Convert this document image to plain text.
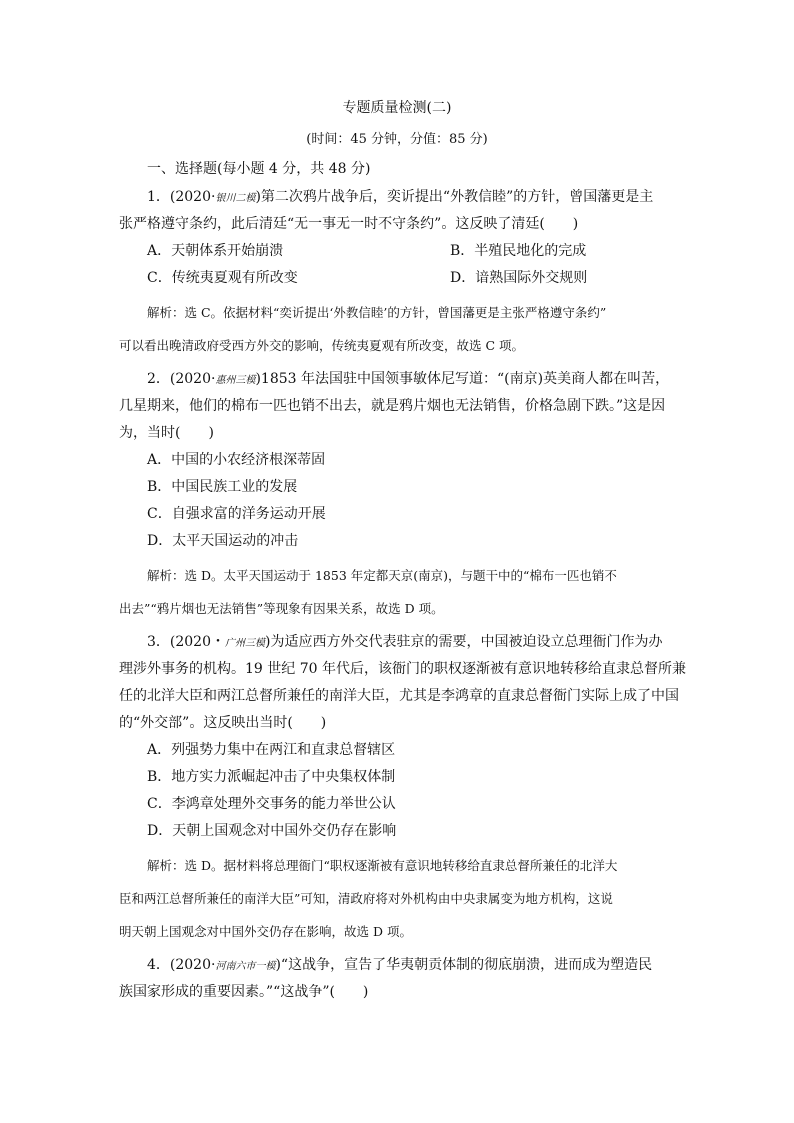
专题质量检测(二)
(时间：45 分钟，分值：85 分)
一、选择题(每小题 4 分，共 48 分)
1．(2020·银川二模)第二次鸦片战争后，奕䜣提出“外教信睦”的方针，曾国藩更是主
张严格遵守条约，此后清廷“无一事无一时不守条约”。这反映了清廷(　　)
A．天朝体系开始崩溃	B．半殖民地化的完成
C．传统夷夏观有所改变	D．谙熟国际外交规则
解析：选 C。依据材料“奕䜣提出‘外教信睦’的方针，曾国藩更是主张严格遵守条约”
可以看出晚清政府受西方外交的影响，传统夷夏观有所改变，故选 C 项。
2．(2020·惠州三模)1853 年法国驻中国领事敏体尼写道：“(南京)英美商人都在叫苦，
几星期来，他们的棉布一匹也销不出去，就是鸦片烟也无法销售，价格急剧下跌。”这是因
为，当时(　　)
A．中国的小农经济根深蒂固
B．中国民族工业的发展
C．自强求富的洋务运动开展
D．太平天国运动的冲击
解析：选 D。太平天国运动于 1853 年定都天京(南京)，与题干中的“棉布一匹也销不
出去”“鸦片烟也无法销售”等现象有因果关系，故选 D 项。
3．(2020・广州三模)为适应西方外交代表驻京的需要，中国被迫设立总理衙门作为办
理涉外事务的机构。19 世纪 70 年代后，该衙门的职权逐渐被有意识地转移给直隶总督所兼
任的北洋大臣和两江总督所兼任的南洋大臣，尤其是李鸿章的直隶总督衙门实际上成了中国
的“外交部”。这反映出当时(　　)
A．列强势力集中在两江和直隶总督辖区
B．地方实力派崛起冲击了中央集权体制
C．李鸿章处理外交事务的能力举世公认
D．天朝上国观念对中国外交仍存在影响
解析：选 D。据材料将总理衙门“职权逐渐被有意识地转移给直隶总督所兼任的北洋大
臣和两江总督所兼任的南洋大臣”可知，清政府将对外机构由中央隶属变为地方机构，这说
明天朝上国观念对中国外交仍存在影响，故选 D 项。
4．(2020·河南六市一模)“这战争，宣告了华夷朝贡体制的彻底崩溃，进而成为塑造民
族国家形成的重要因素。”“这战争”(　　)
